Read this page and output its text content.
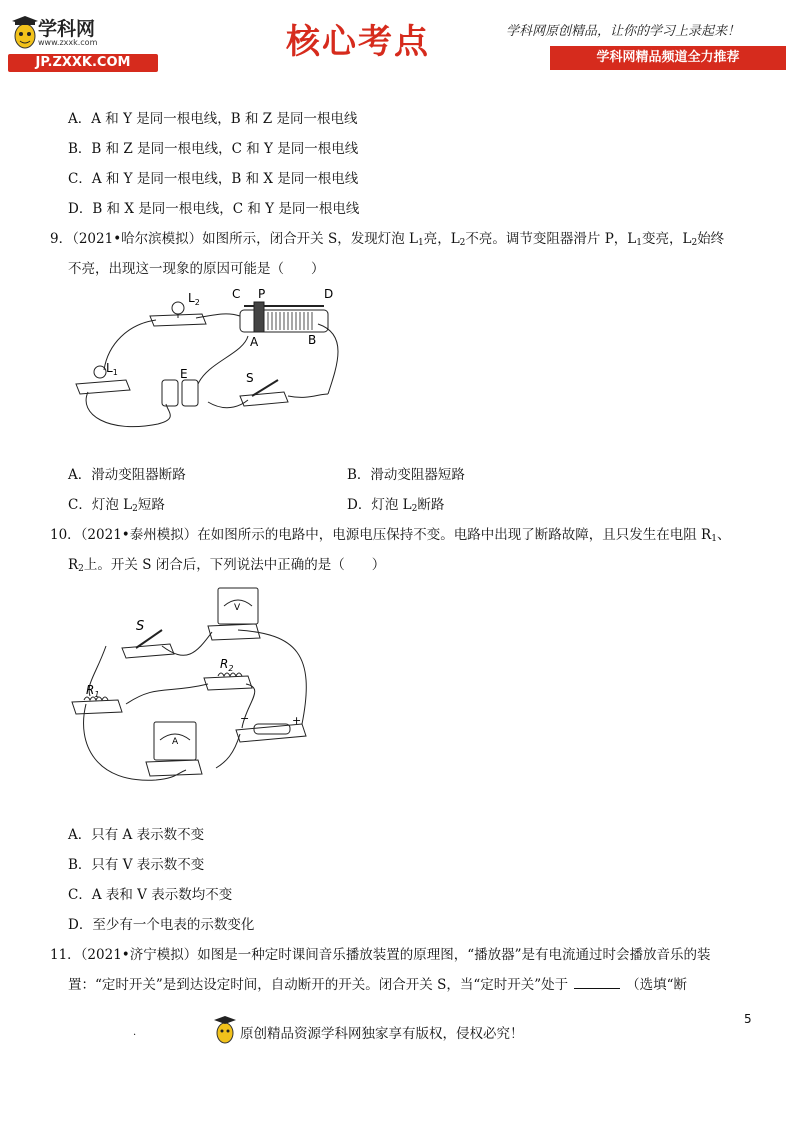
学科网
www.zxxk.com
JP.ZXXK.COM
核心考点	学科网原创精品，让你的学习上录起来！
学科网精品频道全力推荐
A．A 和 Y 是同一根电线，B 和 Z 是同一根电线
B．B 和 Z 是同一根电线，C 和 Y 是同一根电线
C．A 和 Y 是同一根电线，B 和 X 是同一根电线
D．B 和 X 是同一根电线，C 和 Y 是同一根电线
9．（2021•哈尔滨模拟）如图所示，闭合开关 S，发现灯泡 $L_1$亮，$L_2$不亮。调节变阻器滑片 P，$L_1$变亮，$L_2$始终
不亮，出现这一现象的原因可能是（　　）
$L_2$
C P	D
A	B
$L_1$	E	S
A．滑动变阻器断路	B．滑动变阻器短路
C．灯泡 $L_2$短路	D．灯泡 $L_2$断路
10．（2021•泰州模拟）在如图所示的电路中，电源电压保持不变。电路中出现了断路故障，且只发生在电阻 $R_1$、
$R_2$上。开关 S 闭合后，下列说法中正确的是（　　）
S
V
$R_2$
$R_1$
A
−	+
A．只有 A 表示数不变
B．只有 V 表示数不变
C．A 表和 V 表示数均不变
D．至少有一个电表的示数变化
11．（2021•济宁模拟）如图是一种定时课间音乐播放装置的原理图，“播放器”是有电流通过时会播放音乐的装
置：“定时开关”是到达设定时间，自动断开的开关。闭合开关 S，当“定时开关”处于	（选填“断
.	原创精品资源学科网独家享有版权，侵权必究！
5
